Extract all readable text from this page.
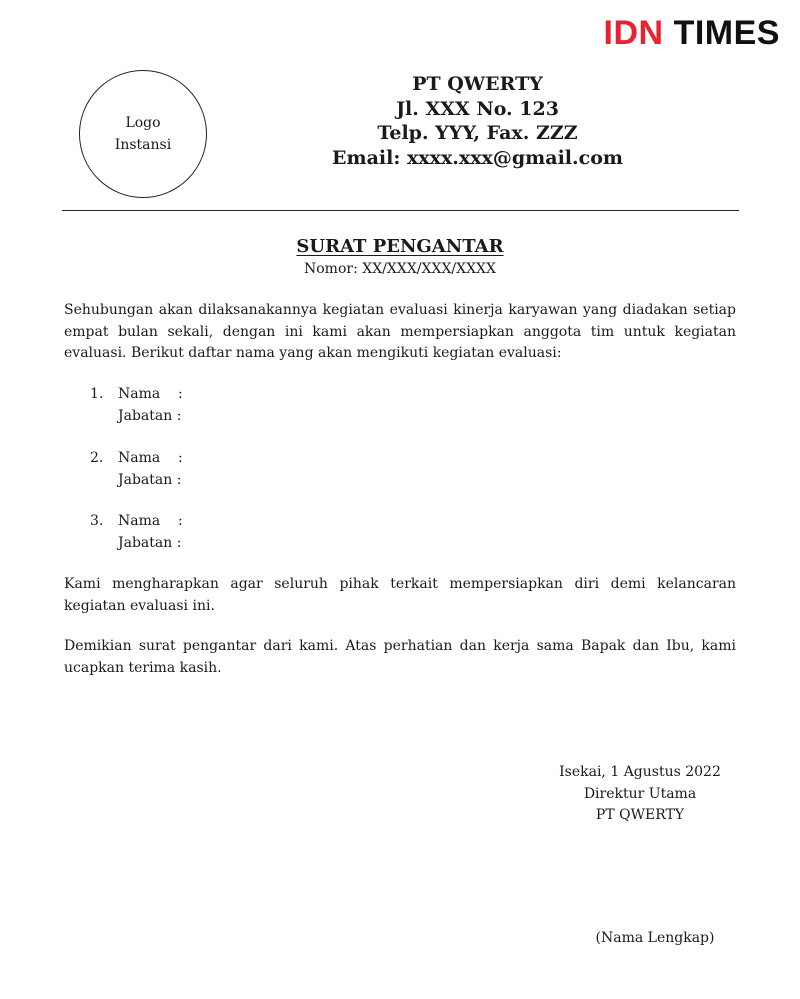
IDN TIMES
Logo
Instansi
PT QWERTY
Jl. XXX No. 123
Telp. YYY, Fax. ZZZ
Email: xxxx.xxx@gmail.com
SURAT PENGANTAR
Nomor: XX/XXX/XXX/XXXX
Sehubungan akan dilaksanakannya kegiatan evaluasi kinerja karyawan yang diadakan setiap empat bulan sekali, dengan ini kami akan mempersiapkan anggota tim untuk kegiatan evaluasi. Berikut daftar nama yang akan mengikuti kegiatan evaluasi:
1.	Nama    :
Jabatan :
2.	Nama    :
Jabatan :
3.	Nama    :
Jabatan :
Kami mengharapkan agar seluruh pihak terkait mempersiapkan diri demi kelancaran kegiatan evaluasi ini.
Demikian surat pengantar dari kami. Atas perhatian dan kerja sama Bapak dan Ibu, kami ucapkan terima kasih.
Isekai, 1 Agustus 2022
Direktur Utama
PT QWERTY
(Nama Lengkap)
